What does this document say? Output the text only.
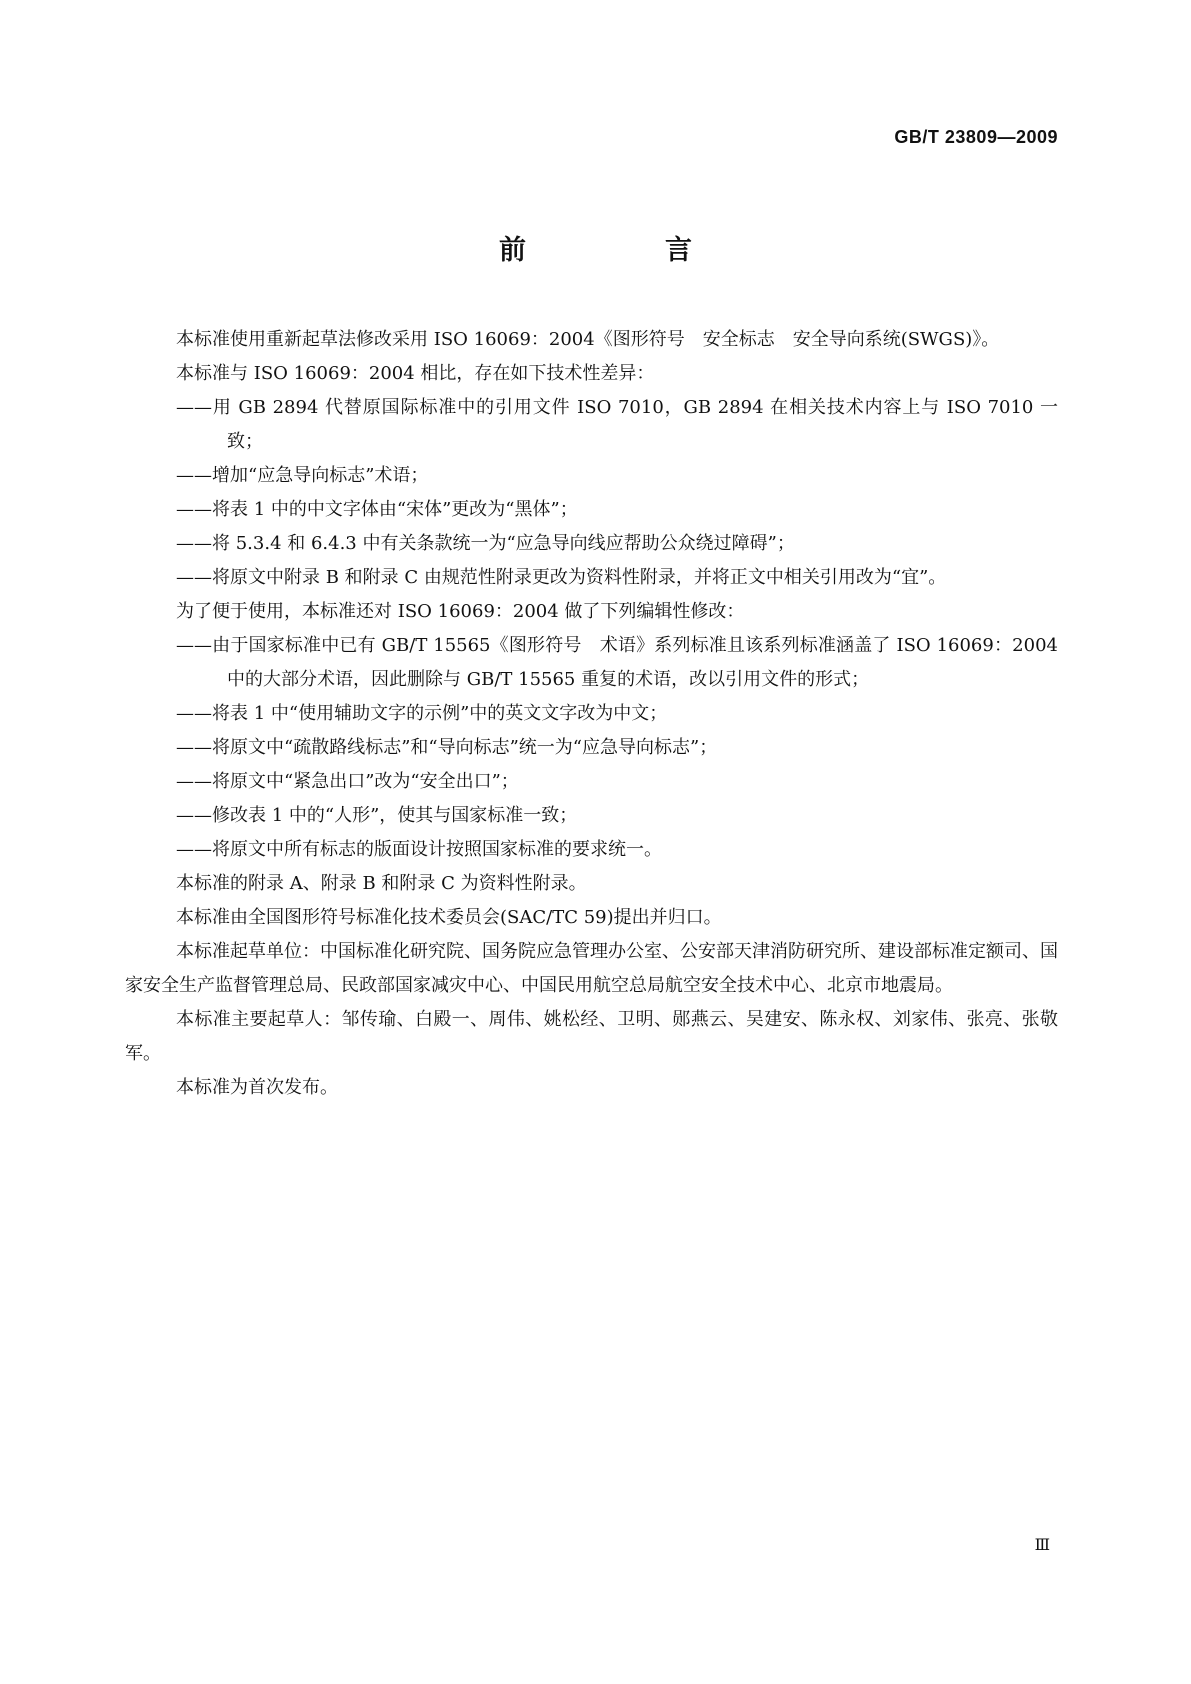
GB/T 23809—2009
前　言

本标准使用重新起草法修改采用 ISO 16069：2004《图形符号　安全标志　安全导向系统(SWGS)》。

本标准与 ISO 16069：2004 相比，存在如下技术性差异：

——用 GB 2894 代替原国际标准中的引用文件 ISO 7010，GB 2894 在相关技术内容上与 ISO 7010 一致；

——增加“应急导向标志”术语；

——将表 1 中的中文字体由“宋体”更改为“黑体”；

——将 5.3.4 和 6.4.3 中有关条款统一为“应急导向线应帮助公众绕过障碍”；

——将原文中附录 B 和附录 C 由规范性附录更改为资料性附录，并将正文中相关引用改为“宜”。

为了便于使用，本标准还对 ISO 16069：2004 做了下列编辑性修改：

——由于国家标准中已有 GB/T 15565《图形符号　术语》系列标准且该系列标准涵盖了 ISO 16069：2004 中的大部分术语，因此删除与 GB/T 15565 重复的术语，改以引用文件的形式；

——将表 1 中“使用辅助文字的示例”中的英文文字改为中文；

——将原文中“疏散路线标志”和“导向标志”统一为“应急导向标志”；

——将原文中“紧急出口”改为“安全出口”；

——修改表 1 中的“人形”，使其与国家标准一致；

——将原文中所有标志的版面设计按照国家标准的要求统一。

本标准的附录 A、附录 B 和附录 C 为资料性附录。

本标准由全国图形符号标准化技术委员会(SAC/TC 59)提出并归口。

本标准起草单位：中国标准化研究院、国务院应急管理办公室、公安部天津消防研究所、建设部标准定额司、国家安全生产监督管理总局、民政部国家减灾中心、中国民用航空总局航空安全技术中心、北京市地震局。

本标准主要起草人：邹传瑜、白殿一、周伟、姚松经、卫明、郧燕云、吴建安、陈永权、刘家伟、张亮、张敬军。

本标准为首次发布。

Ⅲ
